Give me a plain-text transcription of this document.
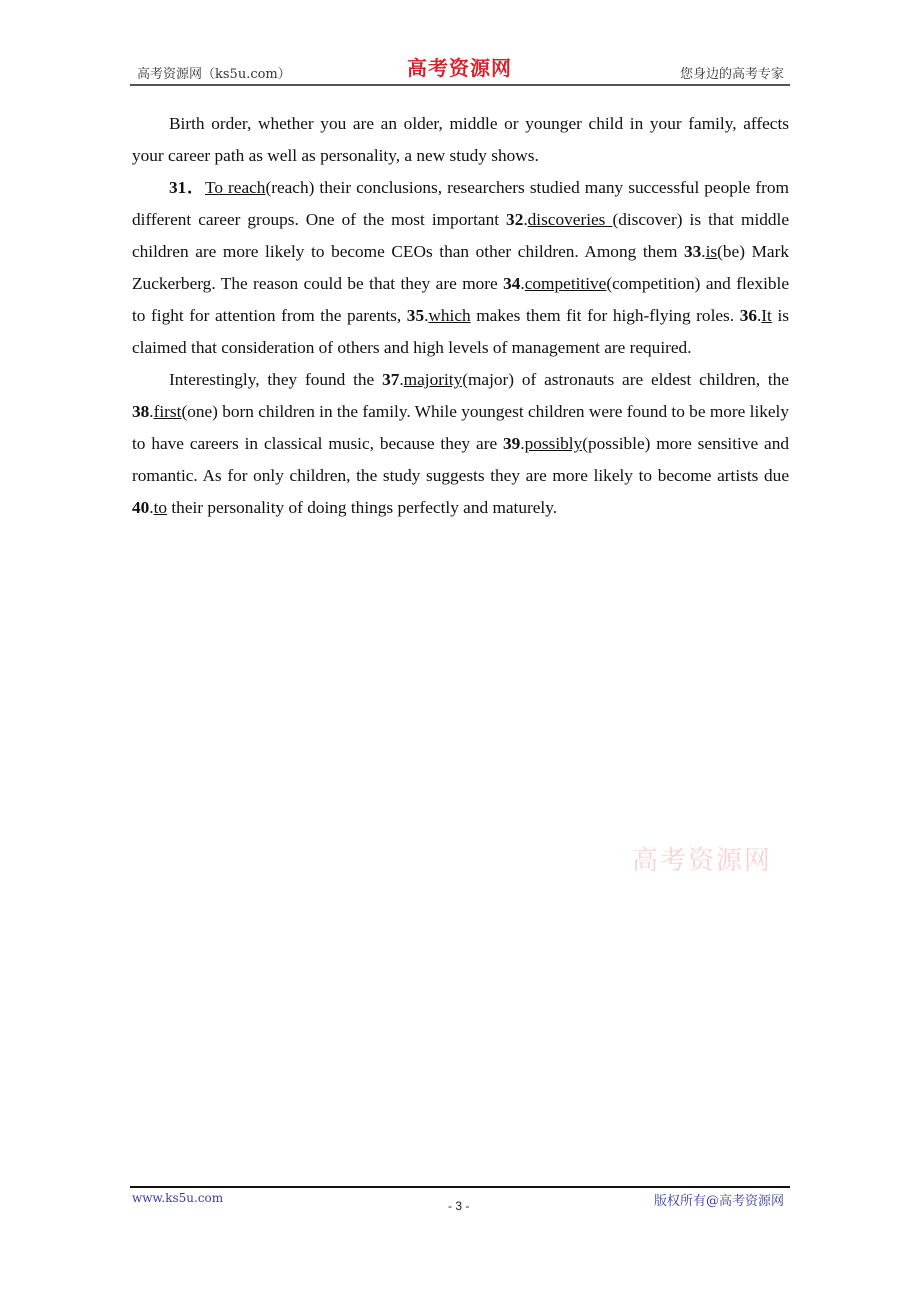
高考资源网（ks5u.com）	高考资源网	您身边的高考专家

Birth order, whether you are an older, middle or younger child in your family, affects your career path as well as personality, a new study shows.

31．To reach(reach) their conclusions, researchers studied many successful people from different career groups. One of the most important 32.discoveries (discover) is that middle children are more likely to become CEOs than other children. Among them 33.is(be) Mark Zuckerberg. The reason could be that they are more 34.competitive(competition) and flexible to fight for attention from the parents, 35.which makes them fit for high-flying roles. 36.It is claimed that consideration of others and high levels of management are required.

Interestingly, they found the 37.majority(major) of astronauts are eldest children, the 38.first(one) born children in the family. While youngest children were found to be more likely to have careers in classical music, because they are 39.possibly(possible) more sensitive and romantic. As for only children, the study suggests they are more likely to become artists due 40.to their personality of doing things perfectly and maturely.

高考资源网
www.ks5u.com
- 3 -	版权所有@高考资源网
